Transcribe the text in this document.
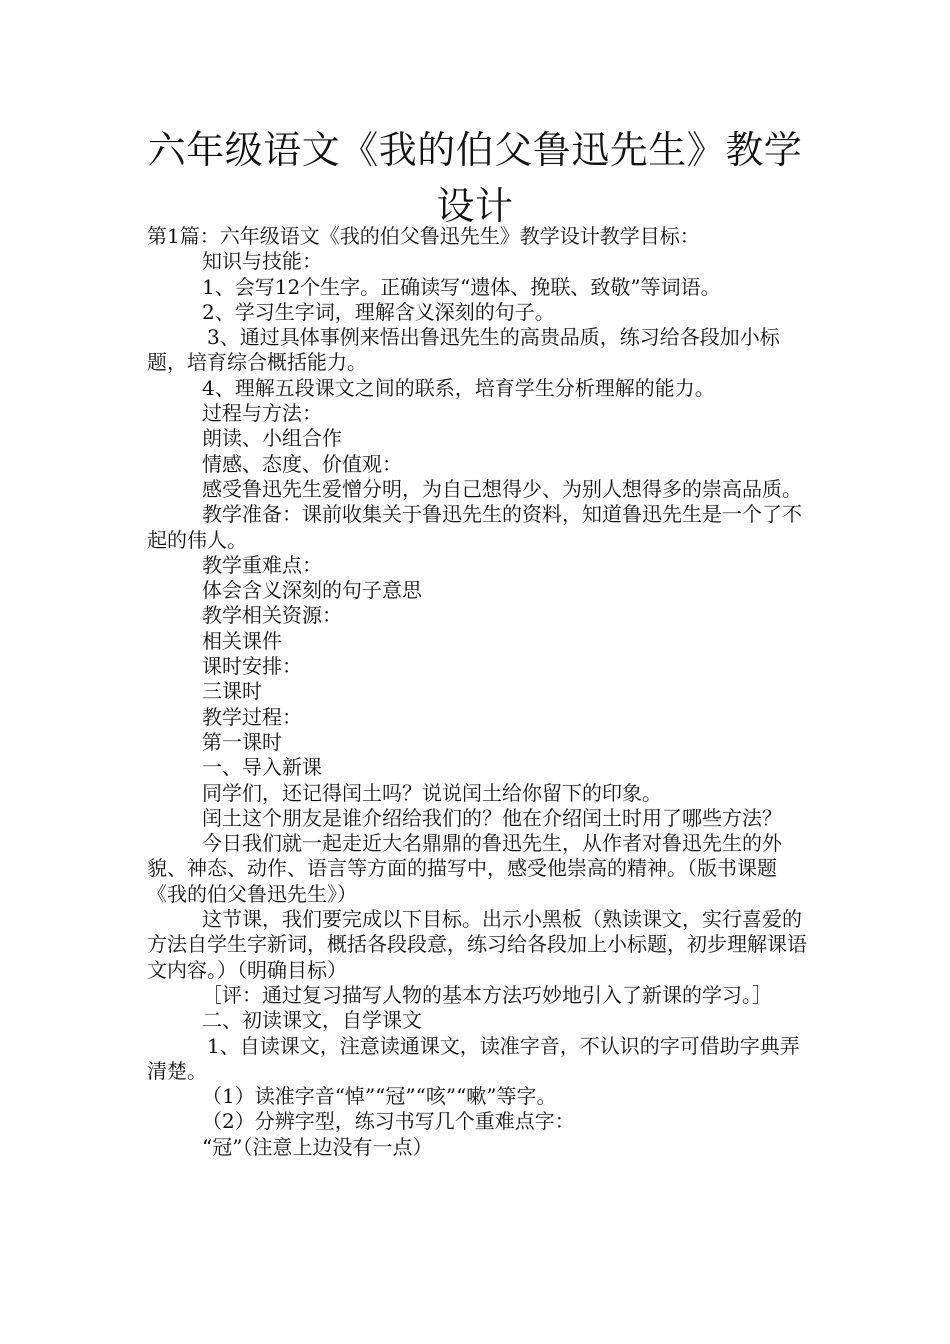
六年级语文《我的伯父鲁迅先生》教学设计

第1篇：六年级语文《我的伯父鲁迅先生》教学设计教学目标：

知识与技能：

1、会写12个生字。正确读写“遗体、挽联、致敬”等词语。

2、学习生字词，理解含义深刻的句子。

3、通过具体事例来悟出鲁迅先生的高贵品质，练习给各段加小标题，培育综合概括能力。

4、理解五段课文之间的联系，培育学生分析理解的能力。

过程与方法：

朗读、小组合作

情感、态度、价值观：

感受鲁迅先生爱憎分明，为自己想得少、为别人想得多的崇高品质。

教学准备：课前收集关于鲁迅先生的资料，知道鲁迅先生是一个了不起的伟人。

教学重难点：

体会含义深刻的句子意思

教学相关资源：

相关课件

课时安排：

三课时

教学过程：

第一课时

一、导入新课

同学们，还记得闰土吗？说说闰土给你留下的印象。

闰土这个朋友是谁介绍给我们的？他在介绍闰土时用了哪些方法？

今日我们就一起走近大名鼎鼎的鲁迅先生，从作者对鲁迅先生的外貌、神态、动作、语言等方面的描写中，感受他崇高的精神。（版书课题《我的伯父鲁迅先生》）

这节课，我们要完成以下目标。出示小黑板（熟读课文，实行喜爱的方法自学生字新词，概括各段段意，练习给各段加上小标题，初步理解课语文内容。）（明确目标）

［评：通过复习描写人物的基本方法巧妙地引入了新课的学习。］

二、初读课文，自学课文

1、自读课文，注意读通课文，读准字音，不认识的字可借助字典弄清楚。

（1）读准字音“悼”“冠”“咳”“嗽”等字。

（2）分辨字型，练习书写几个重难点字：

“冠”（注意上边没有一点）
